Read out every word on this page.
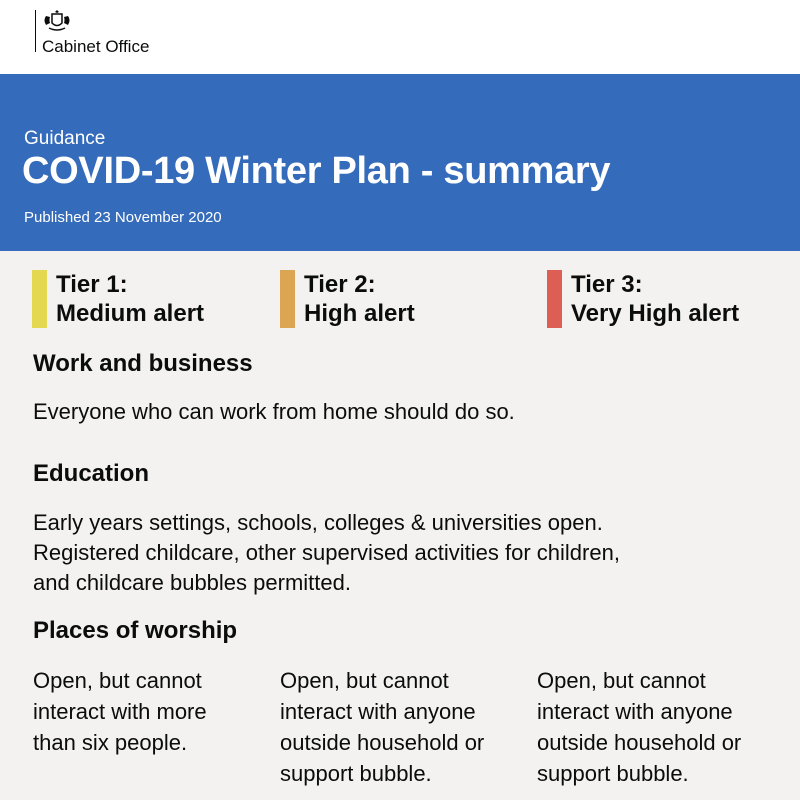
Cabinet Office
Guidance
COVID-19 Winter Plan - summary
Published 23 November 2020
Tier 1:
Medium alert
Tier 2:
High alert
Tier 3:
Very High alert
Work and business
Everyone who can work from home should do so.
Education
Early years settings, schools, colleges & universities open.
Registered childcare, other supervised activities for children,
and childcare bubbles permitted.
Places of worship
Open, but cannot
interact with more
than six people.
Open, but cannot
interact with anyone
outside household or
support bubble.
Open, but cannot
interact with anyone
outside household or
support bubble.
